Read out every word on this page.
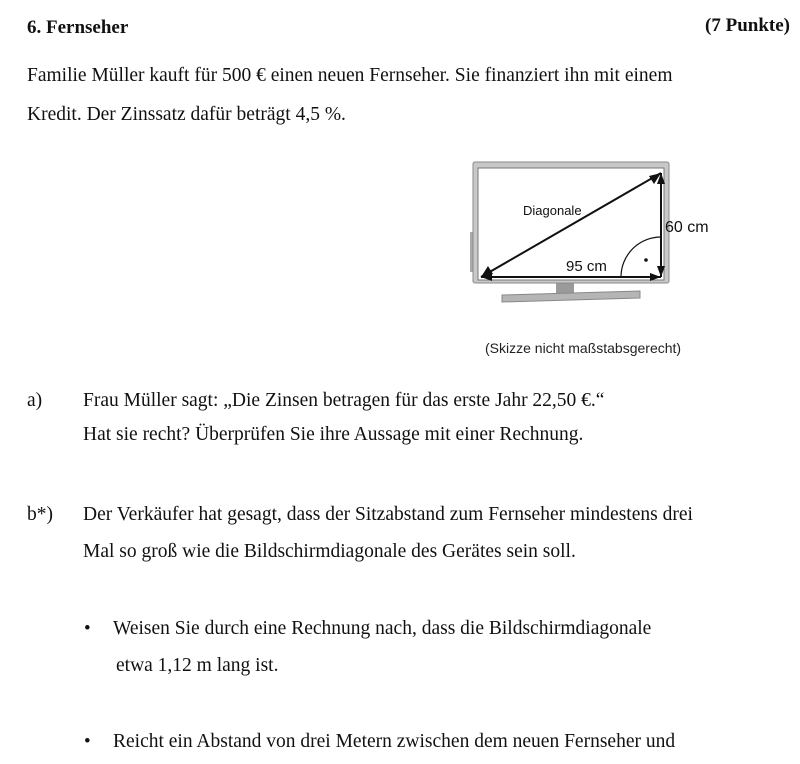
6. Fernseher	(7 Punkte)
Familie Müller kauft für 500 € einen neuen Fernseher. Sie finanziert ihn mit einem
Kredit. Der Zinssatz dafür beträgt 4,5 %.
Diagonale
95 cm
60 cm
(Skizze nicht maßstabsgerecht)
a) Frau Müller sagt: „Die Zinsen betragen für das erste Jahr 22,50 €.“
Hat sie recht? Überprüfen Sie ihre Aussage mit einer Rechnung.
b*) Der Verkäufer hat gesagt, dass der Sitzabstand zum Fernseher mindestens drei
Mal so groß wie die Bildschirmdiagonale des Gerätes sein soll.
• Weisen Sie durch eine Rechnung nach, dass die Bildschirmdiagonale
etwa 1,12 m lang ist.
• Reicht ein Abstand von drei Metern zwischen dem neuen Fernseher und
